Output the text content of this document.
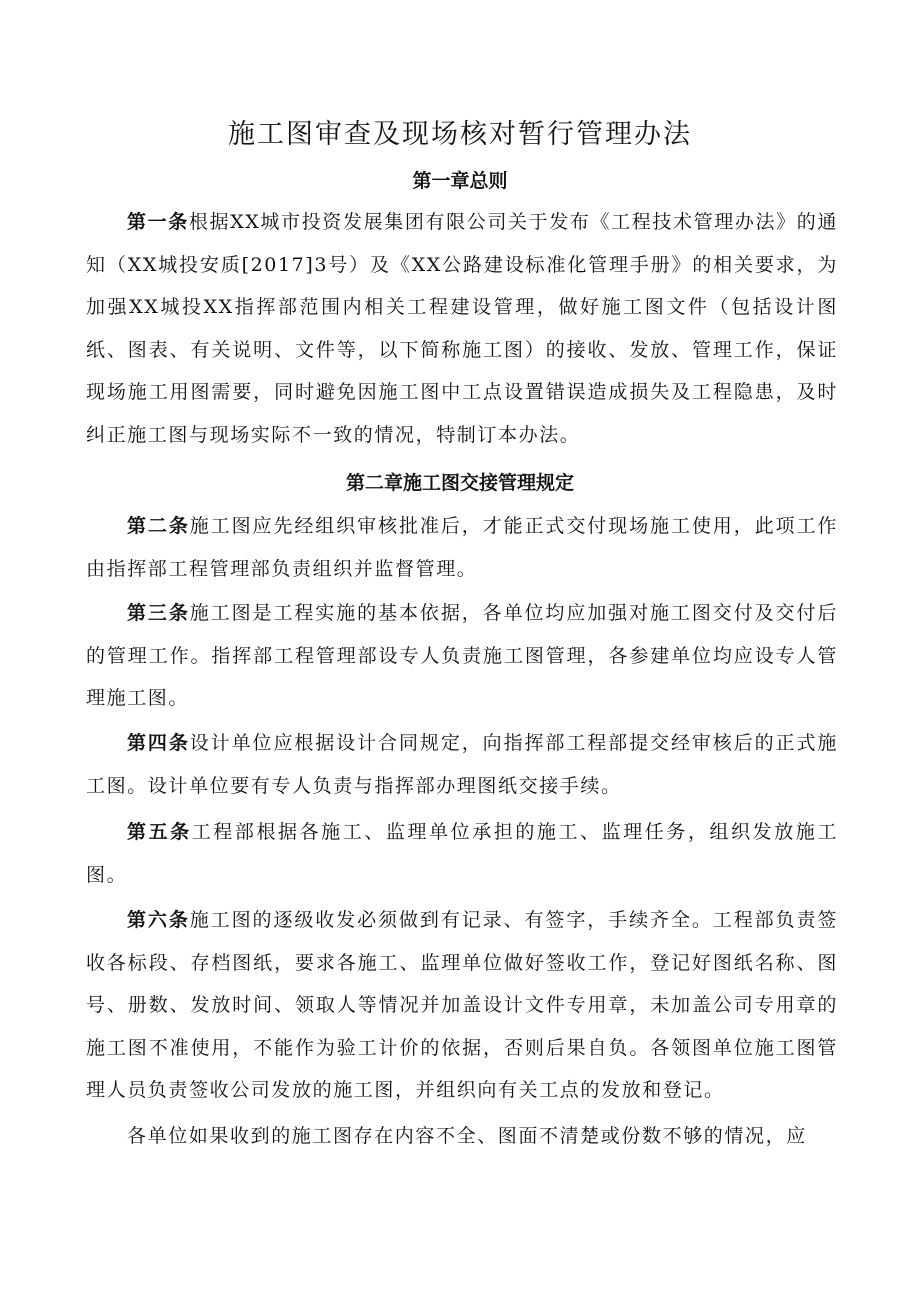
施工图审查及现场核对暂行管理办法
第一章总则

第一条根据XX城市投资发展集团有限公司关于发布《工程技术管理办法》的通知（XX城投安质[2017]3号）及《XX公路建设标准化管理手册》的相关要求，为加强XX城投XX指挥部范围内相关工程建设管理，做好施工图文件（包括设计图纸、图表、有关说明、文件等，以下简称施工图）的接收、发放、管理工作，保证现场施工用图需要，同时避免因施工图中工点设置错误造成损失及工程隐患，及时纠正施工图与现场实际不一致的情况，特制订本办法。

第二章施工图交接管理规定

第二条施工图应先经组织审核批准后，才能正式交付现场施工使用，此项工作由指挥部工程管理部负责组织并监督管理。

第三条施工图是工程实施的基本依据，各单位均应加强对施工图交付及交付后的管理工作。指挥部工程管理部设专人负责施工图管理，各参建单位均应设专人管理施工图。

第四条设计单位应根据设计合同规定，向指挥部工程部提交经审核后的正式施工图。设计单位要有专人负责与指挥部办理图纸交接手续。

第五条工程部根据各施工、监理单位承担的施工、监理任务，组织发放施工图。

第六条施工图的逐级收发必须做到有记录、有签字，手续齐全。工程部负责签收各标段、存档图纸，要求各施工、监理单位做好签收工作，登记好图纸名称、图号、册数、发放时间、领取人等情况并加盖设计文件专用章，未加盖公司专用章的施工图不准使用，不能作为验工计价的依据，否则后果自负。各领图单位施工图管理人员负责签收公司发放的施工图，并组织向有关工点的发放和登记。

各单位如果收到的施工图存在内容不全、图面不清楚或份数不够的情况，应
